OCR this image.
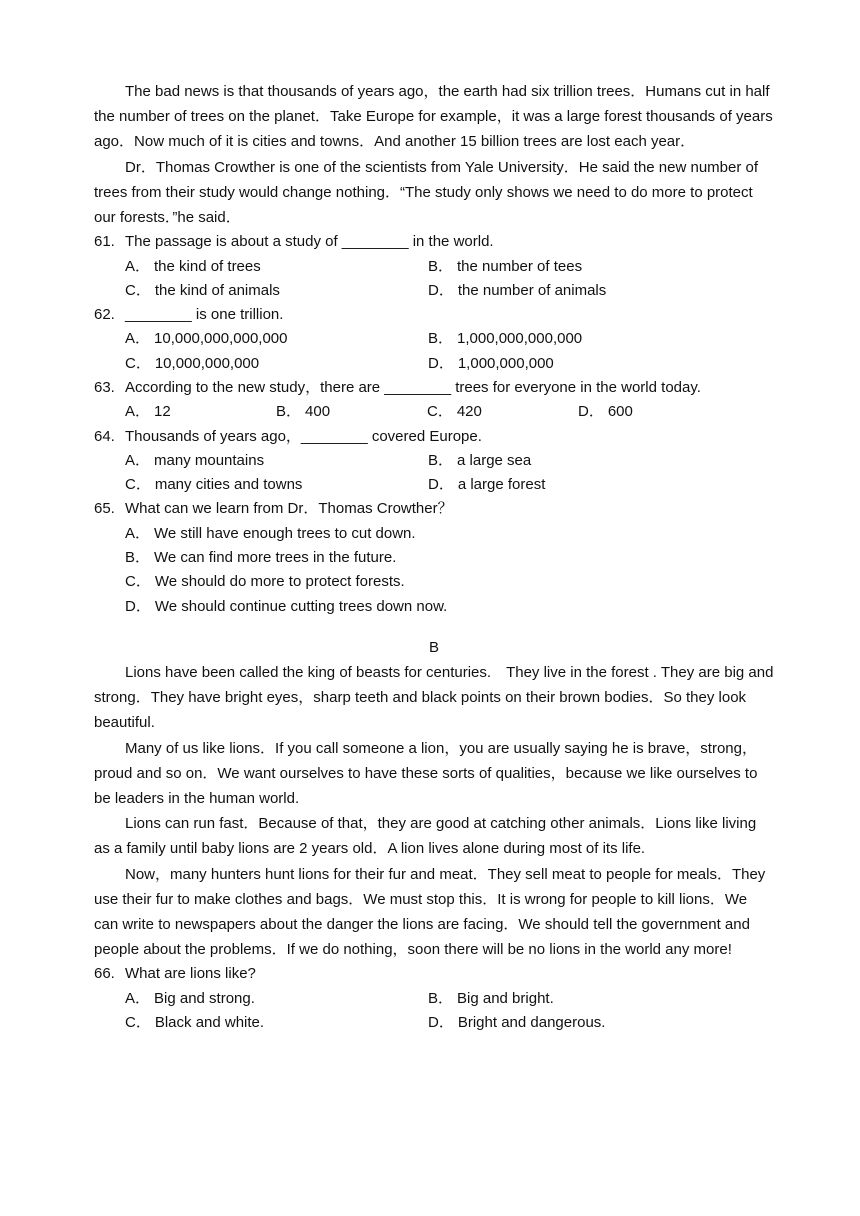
The bad news is that thousands of years ago，the earth had six trillion trees．Humans cut in half the number of trees on the planet．Take Europe for example，it was a large forest thousands of years ago．Now much of it is cities and towns．And another 15 billion trees are lost each year．

Dr．Thomas Crowther is one of the scientists from Yale University．He said the new number of trees from their study would change nothing．“The study only shows we need to do more to protect our forests．”he said．

61. The passage is about a study of ________ in the world.
A． the kind of trees	B． the number of tees
C． the kind of animals	D． the number of animals
62. ________ is one trillion.
A． 10,000,000,000,000	B． 1,000,000,000,000
C． 10,000,000,000	D． 1,000,000,000
63. According to the new study，there are ________ trees for everyone in the world today.
A． 12	B． 400	C． 420	D． 600
64. Thousands of years ago，________ covered Europe.
A． many mountains	B． a large sea
C． many cities and towns	D． a large forest
65. What can we learn from Dr．Thomas Crowther？
A． We still have enough trees to cut down.
B． We can find more trees in the future.
C． We should do more to protect forests.
D． We should continue cutting trees down now.
B

Lions have been called the king of beasts for centuries.　They live in the forest . They are big and strong．They have bright eyes，sharp teeth and black points on their brown bodies．So they look beautiful.

Many of us like lions．If you call someone a lion，you are usually saying he is brave，strong，proud and so on．We want ourselves to have these sorts of qualities，because we like ourselves to be leaders in the human world.

Lions can run fast．Because of that，they are good at catching other animals．Lions like living as a family until baby lions are 2 years old．A lion lives alone during most of its life.

Now，many hunters hunt lions for their fur and meat．They sell meat to people for meals．They use their fur to make clothes and bags．We must stop this．It is wrong for people to kill lions．We can write to newspapers about the danger the lions are facing．We should tell the government and people about the problems．If we do nothing，soon there will be no lions in the world any more!

66. What are lions like?
A． Big and strong.	B． Big and bright.
C． Black and white.	D． Bright and dangerous.
